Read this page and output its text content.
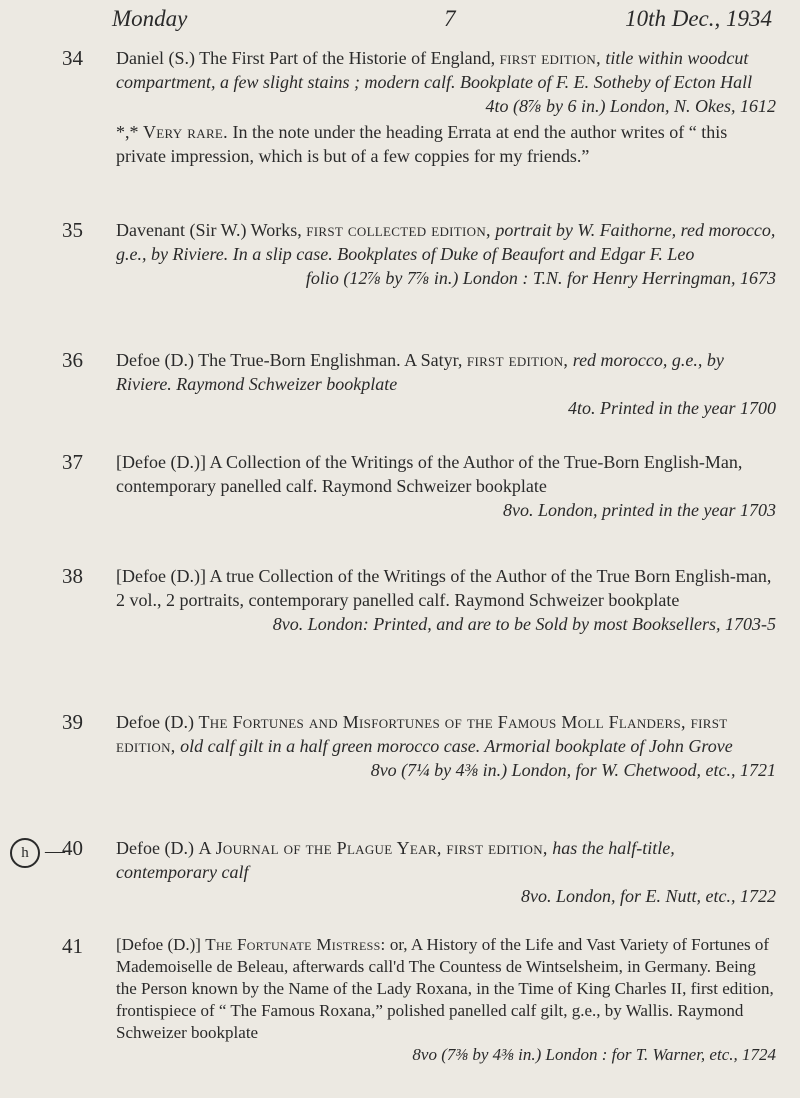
Monday	7	10th Dec., 1934
34	Daniel (S.) The First Part of the Historie of England, first edition, title within woodcut compartment, a few slight stains ; modern calf. Bookplate of F. E. Sotheby of Ecton Hall
4to (8⅞ by 6 in.) London, N. Okes, 1612
*,* Very rare. In the note under the heading Errata at end the author writes of “ this private impression, which is but of a few coppies for my friends.”
35	Davenant (Sir W.) Works, first collected edition, portrait by W. Faithorne, red morocco, g.e., by Riviere. In a slip case. Bookplates of Duke of Beaufort and Edgar F. Leo
folio (12⅞ by 7⅞ in.) London : T.N. for Henry Herringman, 1673
36	Defoe (D.) The True-Born Englishman. A Satyr, first edition, red morocco, g.e., by Riviere. Raymond Schweizer bookplate
4to. Printed in the year 1700
37	[Defoe (D.)] A Collection of the Writings of the Author of the True-Born English-Man, contemporary panelled calf. Raymond Schweizer bookplate
8vo. London, printed in the year 1703
38	[Defoe (D.)] A true Collection of the Writings of the Author of the True Born English-man, 2 vol., 2 portraits, contemporary panelled calf. Raymond Schweizer bookplate
8vo. London: Printed, and are to be Sold by most Booksellers, 1703-5
39	Defoe (D.) The Fortunes and Misfortunes of the Famous Moll Flanders, first edition, old calf gilt in a half green morocco case. Armorial bookplate of John Grove
8vo (7¼ by 4⅜ in.) London, for W. Chetwood, etc., 1721
h —
40	Defoe (D.) A Journal of the Plague Year, first edition, has the half-title, contemporary calf
8vo. London, for E. Nutt, etc., 1722
41	[Defoe (D.)] The Fortunate Mistress: or, A History of the Life and Vast Variety of Fortunes of Mademoiselle de Beleau, afterwards call'd The Countess de Wintselsheim, in Germany. Being the Person known by the Name of the Lady Roxana, in the Time of King Charles II, first edition, frontispiece of “ The Famous Roxana,” polished panelled calf gilt, g.e., by Wallis. Raymond Schweizer bookplate
8vo (7⅜ by 4⅜ in.) London : for T. Warner, etc., 1724
